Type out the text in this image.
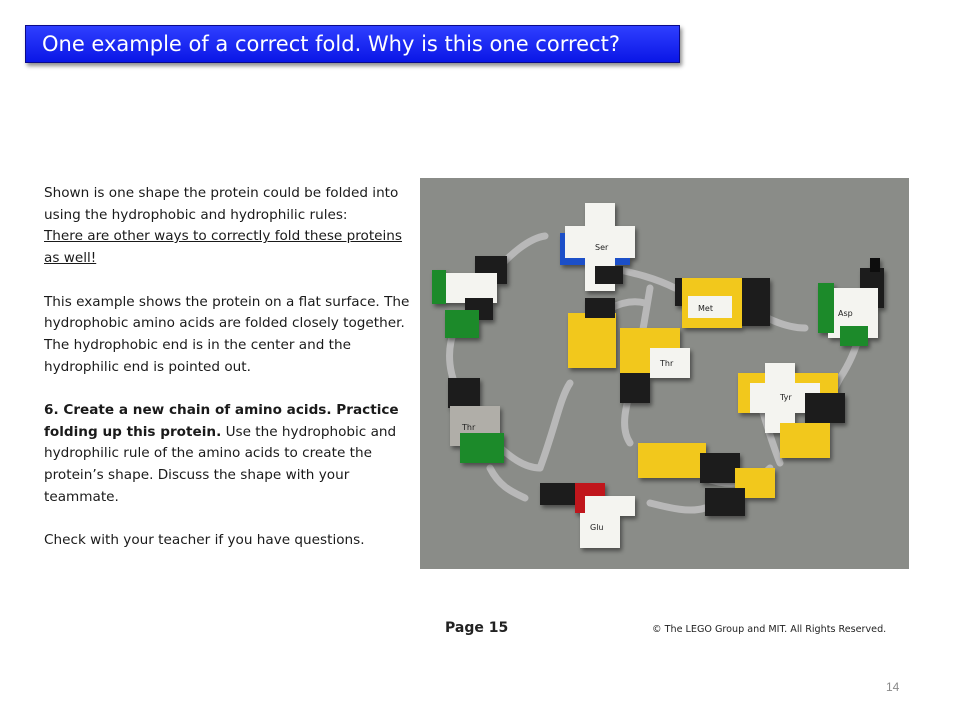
One example of a correct fold. Why is this one correct?

Shown is one shape the protein could be folded into using the hydrophobic and hydrophilic rules:
There are other ways to correctly fold these proteins as well!

This example shows the protein on a flat surface. The hydrophobic amino acids are folded closely together. The hydrophobic end is in the center and the hydrophilic end is pointed out.

6. Create a new chain of amino acids. Practice folding up this protein. Use the hydrophobic and hydrophilic rule of the amino acids to create the protein’s shape. Discuss the shape with your teammate.

Check with your teacher if you have questions.

Ser
Met
Asp
Tyr
Thr
Glu
Thr
Page 15	© The LEGO Group and MIT. All Rights Reserved.
14
